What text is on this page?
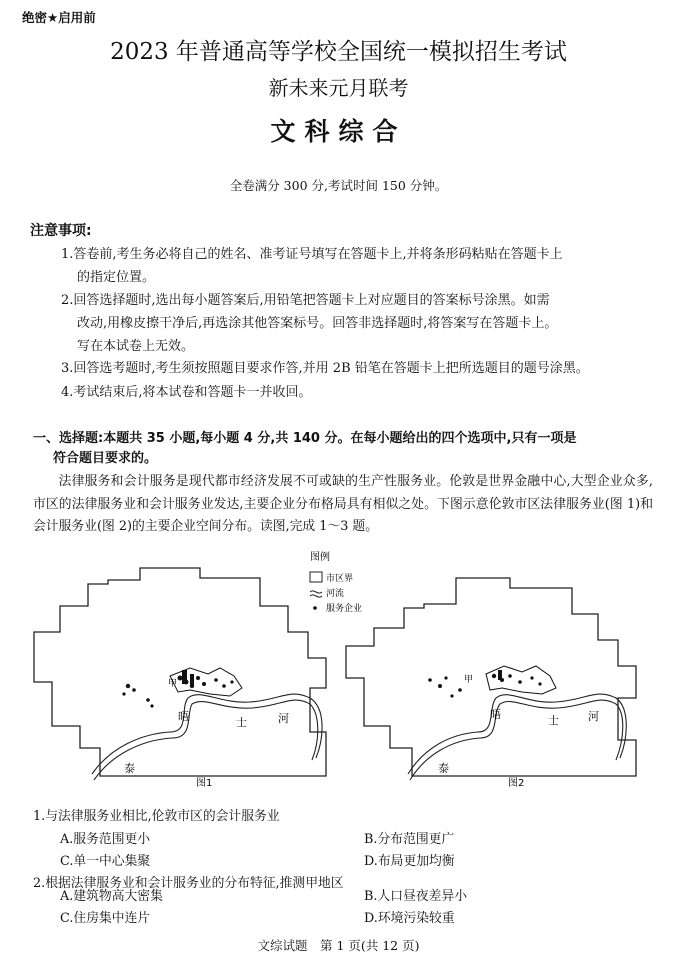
绝密★启用前
2023 年普通高等学校全国统一模拟招生考试
新未来元月联考
文科综合
全卷满分 300 分,考试时间 150 分钟。
注意事项:
1.答卷前,考生务必将自己的姓名、准考证号填写在答题卡上,并将条形码粘贴在答题卡上
的指定位置。
2.回答选择题时,选出每小题答案后,用铅笔把答题卡上对应题目的答案标号涂黑。如需
改动,用橡皮擦干净后,再选涂其他答案标号。回答非选择题时,将答案写在答题卡上。
写在本试卷上无效。
3.回答选考题时,考生须按照题目要求作答,并用 2B 铅笔在答题卡上把所选题目的题号涂黑。
4.考试结束后,将本试卷和答题卡一并收回。
一、选择题:本题共 35 小题,每小题 4 分,共 140 分。在每小题给出的四个选项中,只有一项是
符合题目要求的。
法律服务和会计服务是现代都市经济发展不可或缺的生产性服务业。伦敦是世界金融中心,大型企业众多,市区的法律服务业和会计服务业发达,主要企业分布格局具有相似之处。下图示意伦敦市区法律服务业(图 1)和会计服务业(图 2)的主要企业空间分布。读图,完成 1～3 题。
泰
晤	士	河
甲
图1
图例
市区界
河流
服务企业
泰
晤	士	河
甲
图2
1.与法律服务业相比,伦敦市区的会计服务业
A.服务范围更小	B.分布范围更广
C.单一中心集聚	D.布局更加均衡
2.根据法律服务业和会计服务业的分布特征,推测甲地区
A.建筑物高大密集	B.人口昼夜差异小
C.住房集中连片	D.环境污染较重
文综试题　第 1 页(共 12 页)
